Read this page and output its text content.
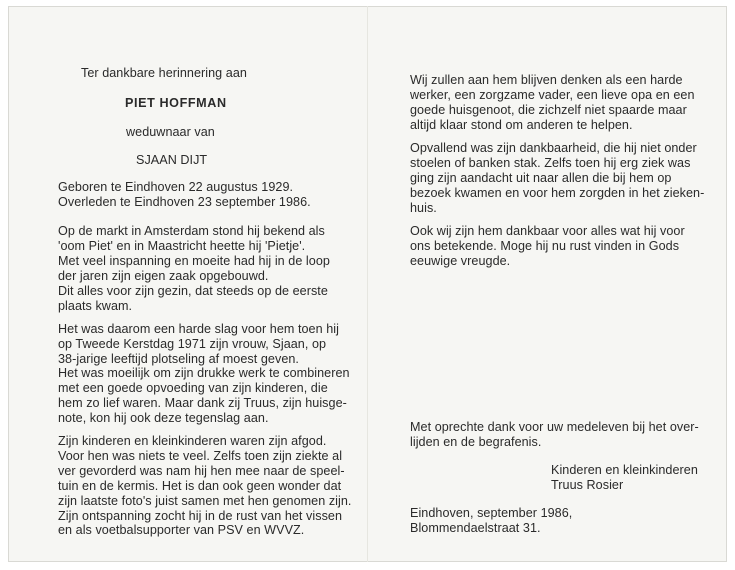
Ter dankbare herinnering aan
PIET HOFFMAN
weduwnaar van
SJAAN DIJT
Geboren te Eindhoven 22 augustus 1929.
Overleden te Eindhoven 23 september 1986.
Op de markt in Amsterdam stond hij bekend als
'oom Piet' en in Maastricht heette hij 'Pietje'.
Met veel inspanning en moeite had hij in de loop
der jaren zijn eigen zaak opgebouwd.
Dit alles voor zijn gezin, dat steeds op de eerste
plaats kwam.
Het was daarom een harde slag voor hem toen hij
op Tweede Kerstdag 1971 zijn vrouw, Sjaan, op
38-jarige leeftijd plotseling af moest geven.
Het was moeilijk om zijn drukke werk te combineren
met een goede opvoeding van zijn kinderen, die
hem zo lief waren. Maar dank zij Truus, zijn huisge-
note, kon hij ook deze tegenslag aan.
Zijn kinderen en kleinkinderen waren zijn afgod.
Voor hen was niets te veel. Zelfs toen zijn ziekte al
ver gevorderd was nam hij hen mee naar de speel-
tuin en de kermis. Het is dan ook geen wonder dat
zijn laatste foto's juist samen met hen genomen zijn.
Zijn ontspanning zocht hij in de rust van het vissen
en als voetbalsupporter van PSV en WVVZ.
Wij zullen aan hem blijven denken als een harde
werker, een zorgzame vader, een lieve opa en een
goede huisgenoot, die zichzelf niet spaarde maar
altijd klaar stond om anderen te helpen.
Opvallend was zijn dankbaarheid, die hij niet onder
stoelen of banken stak. Zelfs toen hij erg ziek was
ging zijn aandacht uit naar allen die bij hem op
bezoek kwamen en voor hem zorgden in het zieken-
huis.
Ook wij zijn hem dankbaar voor alles wat hij voor
ons betekende. Moge hij nu rust vinden in Gods
eeuwige vreugde.
Met oprechte dank voor uw medeleven bij het over-
lijden en de begrafenis.
Kinderen en kleinkinderen
Truus Rosier
Eindhoven, september 1986,
Blommendaelstraat 31.
